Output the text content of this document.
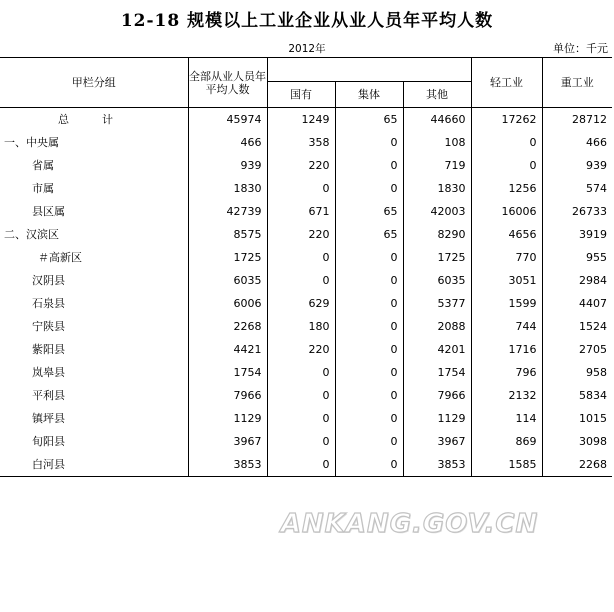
12-18 规模以上工业企业从业人员年平均人数
2012年	单位：千元
甲栏分组	全部从业人员年平均人数				轻工业	重工业
		国有	集体	其他		
总　　　计	45974	1249	65	44660	17262	28712
一、中央属	466	358	0	108	0	466
省属	939	220	0	719	0	939
市属	1830	0	0	1830	1256	574
县区属	42739	671	65	42003	16006	26733
二、汉滨区	8575	220	65	8290	4656	3919
＃高新区	1725	0	0	1725	770	955
汉阴县	6035	0	0	6035	3051	2984
石泉县	6006	629	0	5377	1599	4407
宁陕县	2268	180	0	2088	744	1524
紫阳县	4421	220	0	4201	1716	2705
岚皋县	1754	0	0	1754	796	958
平利县	7966	0	0	7966	2132	5834
镇坪县	1129	0	0	1129	114	1015
旬阳县	3967	0	0	3967	869	3098
白河县	3853	0	0	3853	1585	2268
ANKANG.GOV.CN
